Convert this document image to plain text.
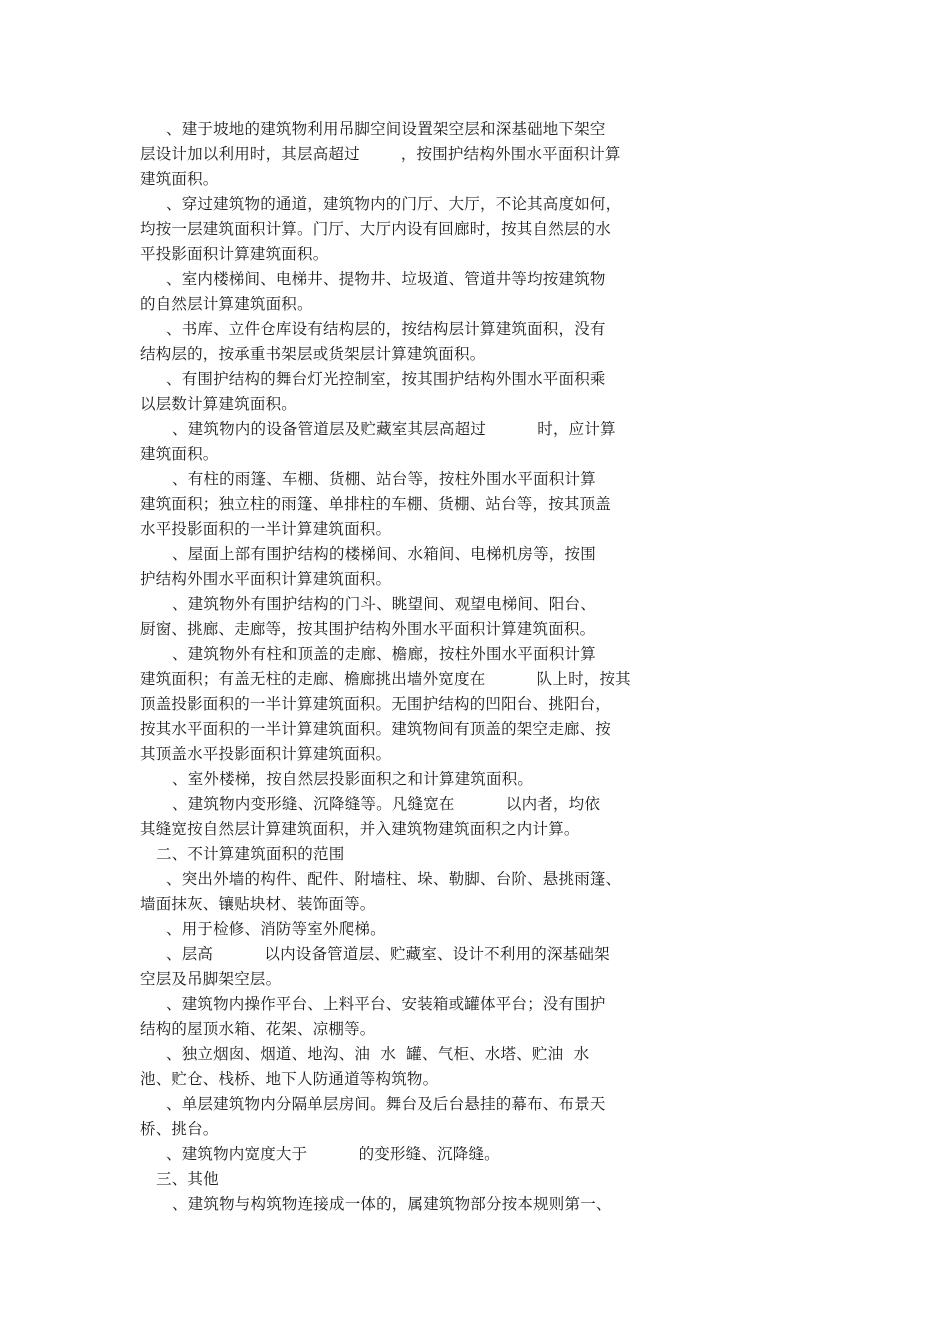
、建于坡地的建筑物利用吊脚空间设置架空层和深基础地下架空
层设计加以利用时，其层高超过        ，按围护结构外围水平面积计算
建筑面积。
、穿过建筑物的通道，建筑物内的门厅、大厅，不论其高度如何，
均按一层建筑面积计算。门厅、大厅内设有回廊时，按其自然层的水
平投影面积计算建筑面积。
、室内楼梯间、电梯井、提物井、垃圾道、管道井等均按建筑物
的自然层计算建筑面积。
、书库、立件仓库设有结构层的，按结构层计算建筑面积，没有
结构层的，按承重书架层或货架层计算建筑面积。
、有围护结构的舞台灯光控制室，按其围护结构外围水平面积乘
以层数计算建筑面积。
、建筑物内的设备管道层及贮藏室其层高超过          时，应计算
建筑面积。
、有柱的雨篷、车棚、货棚、站台等，按柱外围水平面积计算
建筑面积；独立柱的雨篷、单排柱的车棚、货棚、站台等，按其顶盖
水平投影面积的一半计算建筑面积。
、屋面上部有围护结构的楼梯间、水箱间、电梯机房等，按围
护结构外围水平面积计算建筑面积。
、建筑物外有围护结构的门斗、眺望间、观望电梯间、阳台、
厨窗、挑廊、走廊等，按其围护结构外围水平面积计算建筑面积。
、建筑物外有柱和顶盖的走廊、檐廊，按柱外围水平面积计算
建筑面积；有盖无柱的走廊、檐廊挑出墙外宽度在          队上时，按其
顶盖投影面积的一半计算建筑面积。无围护结构的凹阳台、挑阳台，
按其水平面积的一半计算建筑面积。建筑物间有顶盖的架空走廊、按
其顶盖水平投影面积计算建筑面积。
、室外楼梯，按自然层投影面积之和计算建筑面积。
、建筑物内变形缝、沉降缝等。凡缝宽在          以内者，均依
其缝宽按自然层计算建筑面积，并入建筑物建筑面积之内计算。
二、不计算建筑面积的范围
、突出外墙的构件、配件、附墙柱、垛、勒脚、台阶、悬挑雨篷、
墙面抹灰、镶贴块材、装饰面等。
、用于检修、消防等室外爬梯。
、层高          以内设备管道层、贮藏室、设计不利用的深基础架
空层及吊脚架空层。
、建筑物内操作平台、上料平台、安装箱或罐体平台；没有围护
结构的屋顶水箱、花架、凉棚等。
、独立烟囱、烟道、地沟、油  水  罐、气柜、水塔、贮油  水
池、贮仓、栈桥、地下人防通道等构筑物。
、单层建筑物内分隔单层房间。舞台及后台悬挂的幕布、布景天
桥、挑台。
、建筑物内宽度大于          的变形缝、沉降缝。
三、其他
、建筑物与构筑物连接成一体的，属建筑物部分按本规则第一、
